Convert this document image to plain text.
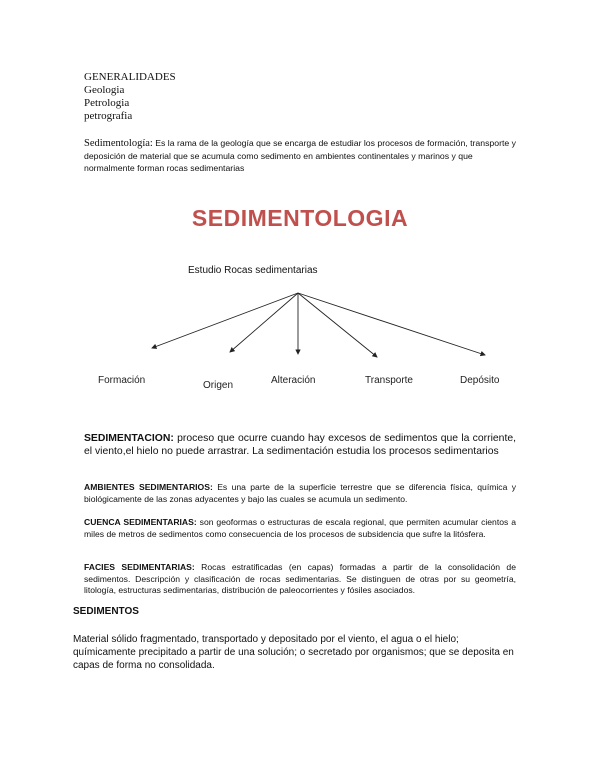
GENERALIDADES
Geologia
Petrologia
petrografia
Sedimentología: Es la rama de la geología que se encarga de estudiar los procesos de formación, transporte y deposición de material que se acumula como sedimento en ambientes continentales y marinos y que normalmente forman rocas sedimentarias
SEDIMENTOLOGIA
Estudio Rocas sedimentarias
Formación	Origen	Alteración	Transporte	Depósito
SEDIMENTACION: proceso que ocurre cuando hay excesos de sedimentos que la corriente, el viento,el hielo no puede arrastrar. La sedimentación estudia los procesos sedimentarios
AMBIENTES SEDIMENTARIOS: Es una parte de la superficie terrestre que se diferencia física, química y biológicamente de las zonas adyacentes y bajo las cuales se acumula un sedimento.
CUENCA SEDIMENTARIAS: son geoformas o estructuras de escala regional, que permiten acumular cientos a miles de metros de sedimentos como consecuencia de los procesos de subsidencia que sufre la litósfera.
FACIES SEDIMENTARIAS: Rocas estratificadas (en capas) formadas a partir de la consolidación de sedimentos. Descripción y clasificación de rocas sedimentarias. Se distinguen de otras por su geometría, litología, estructuras sedimentarias, distribución de paleocorrientes y fósiles asociados.
SEDIMENTOS
Material sólido fragmentado, transportado y depositado por el viento, el agua o el hielo; químicamente precipitado a partir de una solución; o secretado por organismos; que se deposita en capas de forma no consolidada.
